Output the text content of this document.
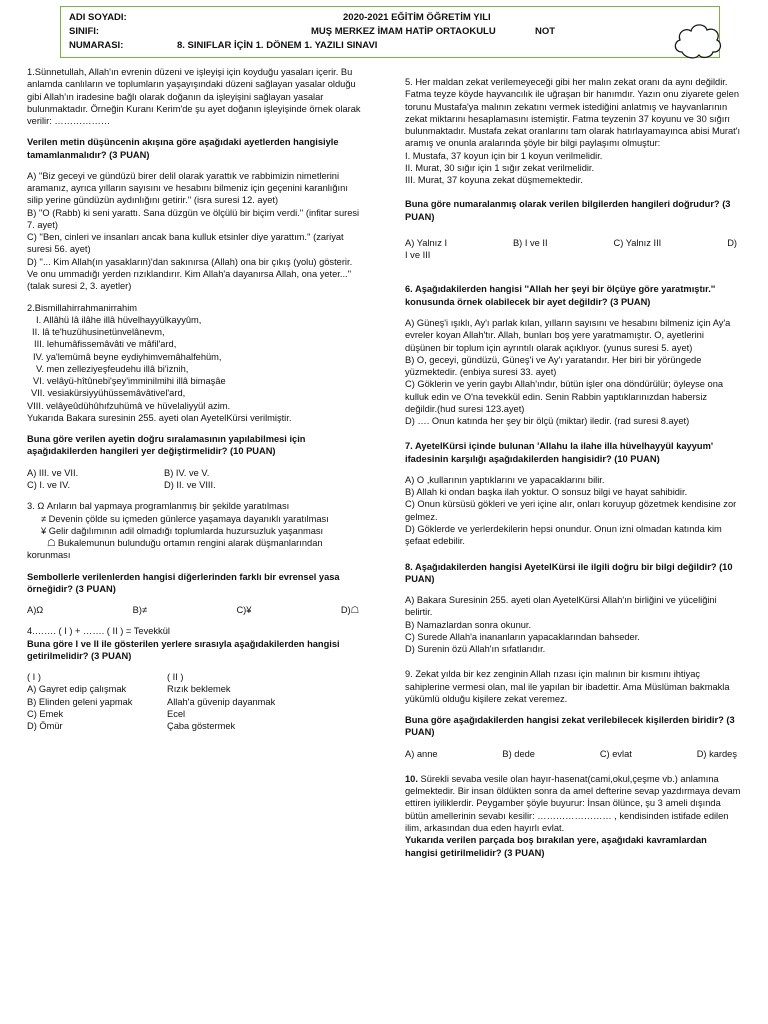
ADI SOYADI:
SINIFI:
NUMARASI:
2020-2021 EĞİTİM ÖĞRETİM YILI
MUŞ MERKEZ İMAM HATİP ORTAOKULU
8. SINIFLAR İÇİN 1. DÖNEM 1. YAZILI SINAVI
NOT

1.Sünnetullah, Allah'ın evrenin düzeni ve işleyişi için koyduğu yasaları içerir. Bu anlamda canlıların ve toplumların yaşayışındaki düzeni sağlayan yasalar olduğu gibi Allah'ın iradesine bağlı olarak doğanın da işleyişini sağlayan yasalar bulunmaktadır. Örneğin Kuranı Kerim'de şu ayet doğanın işleyişinde örnek olarak verilir: ………………

Verilen metin düşüncenin akışına göre aşağıdaki ayetlerden hangisiyle tamamlanmalıdır? (3 PUAN)

A) ''Biz geceyi ve gündüzü birer delil olarak yarattık ve rabbimizin nimetlerini aramanız, ayrıca yılların sayısını ve hesabını bilmeniz için geçenini karanlığını silip yerine gündüzün aydınlığını getirir.'' (isra suresi 12. ayet)

B) ''O (Rabb) ki seni yarattı. Sana düzgün ve ölçülü bir biçim verdi.'' (infitar suresi 7. ayet)

C) ''Ben, cinleri ve insanları ancak bana kulluk etsinler diye yarattım.'' (zariyat suresi 56. ayet)

D) ''... Kim Allah(ın yasakların)'dan sakınırsa (Allah) ona bir çıkış (yolu) gösterir. Ve onu ummadığı yerden rızıklandırır. Kim Allah'a dayanırsa Allah, ona yeter...'' (talak suresi 2, 3. ayetler)

2.Bismillahirrahmanirrahim

I. Allâhü lâ ilâhe illâ hüvelhayyülkayyûm,
II. lâ te'huzühusinetünvelânevm,
III. lehumâfissemâvâti ve mâfil'ard,
IV. ya'lemümâ beyne eydiyhimvemâhalfehüm,
V. men zelleziyeşfeudehu illâ bi'iznih,
VI. velâyü-hîtûnebi'şey'imminilmihi illâ bimaşâe
VII. vesiakürsiyyühüssemâvâtivel'ard,
VIII. velâyeûdühûhıfzuhümâ ve hüvelaliyyül azim.

Yukarıda Bakara suresinin 255. ayeti olan AyetelKürsi verilmiştir.

Buna göre verilen ayetin doğru sıralamasının yapılabilmesi için aşağıdakilerden hangileri yer değiştirmelidir? (10 PUAN)

A) III. ve VII.	B) IV. ve V.
C) I. ve IV.	D) II. ve VIII.

3. Ω Arıların bal yapmaya programlanmış bir şekilde yaratılması

≠ Devenin çölde su içmeden günlerce yaşamaya dayanıklı yaratılması

¥ Gelir dağılımının adil olmadığı toplumlarda huzursuzluk yaşanması

☖ Bukalemunun bulunduğu ortamın rengini alarak düşmanlarından korunması

Sembollerle verilenlerden hangisi diğerlerinden farklı bir evrensel yasa örneğidir? (3 PUAN)

A)Ω	B)≠	C)¥	D)☖

4.……. ( I ) + ……. ( II ) = Tevekkül

Buna göre I ve II ile gösterilen yerlere sırasıyla aşağıdakilerden hangisi getirilmelidir? (3 PUAN)

( I )	( II )
A) Gayret edip çalışmak	Rızık beklemek
B) Elinden geleni yapmak	Allah'a güvenip dayanmak
C) Emek	Ecel
D) Ömür	Çaba göstermek

5. Her maldan zekat verilemeyeceği gibi her malın zekat oranı da aynı değildir. Fatma teyze köyde hayvancılık ile uğraşan bir hanımdır. Yazın onu ziyarete gelen torunu Mustafa'ya malının zekatını vermek istediğini anlatmış ve hayvanlarının zekat miktarını hesaplamasını istemiştir. Fatma teyzenin 37 koyunu ve 30 sığırı bulunmaktadır. Mustafa zekat oranlarını tam olarak hatırlayamayınca abisi Murat'ı aramış ve onunla aralarında şöyle bir bilgi paylaşımı olmuştur:

I. Mustafa, 37 koyun için bir 1 koyun verilmelidir.

II. Murat, 30 sığır için 1 sığır zekat verilmelidir.

III. Murat, 37 koyuna zekat düşmemektedir.

Buna göre numaralanmış olarak verilen bilgilerden hangileri doğrudur? (3 PUAN)

A) Yalnız I	B) I ve II	C) Yalnız III	D)

I ve III

6. Aşağıdakilerden hangisi ''Allah her şeyi bir ölçüye göre yaratmıştır.'' konusunda örnek olabilecek bir ayet değildir? (3 PUAN)

A) Güneş'i ışıklı, Ay'ı parlak kılan, yılların sayısını ve hesabını bilmeniz için Ay'a evreler koyan Allah'tır. Allah, bunları boş yere yaratmamıştır. O, ayetlerini düşünen bir toplum için ayrıntılı olarak açıklıyor. (yunus suresi 5. ayet)

B) O, geceyi, gündüzü, Güneş'i ve Ay'ı yaratandır. Her biri bir yörüngede yüzmektedir. (enbiya suresi 33. ayet)

C) Göklerin ve yerin gaybı Allah'ındır, bütün işler ona döndürülür; öyleyse ona kulluk edin ve O'na tevekkül edin. Senin Rabbin yaptıklarınızdan habersiz değildir.(hud suresi 123.ayet)

D) …. Onun katında her şey bir ölçü (miktar) iledir. (rad suresi 8.ayet)

7. AyetelKürsi içinde bulunan 'Allahu la ilahe illa hüvelhayyül kayyum' ifadesinin karşılığı aşağıdakilerden hangisidir? (10 PUAN)

A) O ,kullarının yaptıklarını ve yapacaklarını bilir.

B) Allah ki ondan başka ilah yoktur. O sonsuz bilgi ve hayat sahibidir.

C) Onun kürsüsü gökleri ve yeri içine alır, onları koruyup gözetmek kendisine zor gelmez.

D) Göklerde ve yerlerdekilerin hepsi onundur. Onun izni olmadan katında kim şefaat edebilir.

8. Aşağıdakilerden hangisi AyetelKürsi ile ilgili doğru bir bilgi değildir? (10 PUAN)

A) Bakara Suresinin 255. ayeti olan AyetelKürsi Allah'ın birliğini ve yüceliğini belirtir.

B) Namazlardan sonra okunur.

C) Surede Allah'a inananların yapacaklarından bahseder.

D) Surenin özü Allah'ın sıfatlarıdır.

9. Zekat yılda bir kez zenginin Allah rızası için malının bir kısmını ihtiyaç sahiplerine vermesi olan, mal ile yapılan bir ibadettir. Ama Müslüman bakmakla yükümlü olduğu kişilere zekat veremez.

Buna göre aşağıdakilerden hangisi zekat verilebilecek kişilerden biridir? (3 PUAN)

A) anne	B) dede	C) evlat	D) kardeş

10. Sürekli sevaba vesile olan hayır-hasenat(cami,okul,çeşme vb.) anlamına gelmektedir. Bir insan öldükten sonra da amel defterine sevap yazdırmaya devam ettiren iyiliklerdir. Peygamber şöyle buyurur: İnsan ölünce, şu 3 ameli dışında bütün amellerinin sevabı kesilir: …………………… , kendisinden istifade edilen ilim, arkasından dua eden hayırlı evlat.

Yukarıda verilen parçada boş bırakılan yere, aşağıdaki kavramlardan hangisi getirilmelidir? (3 PUAN)
